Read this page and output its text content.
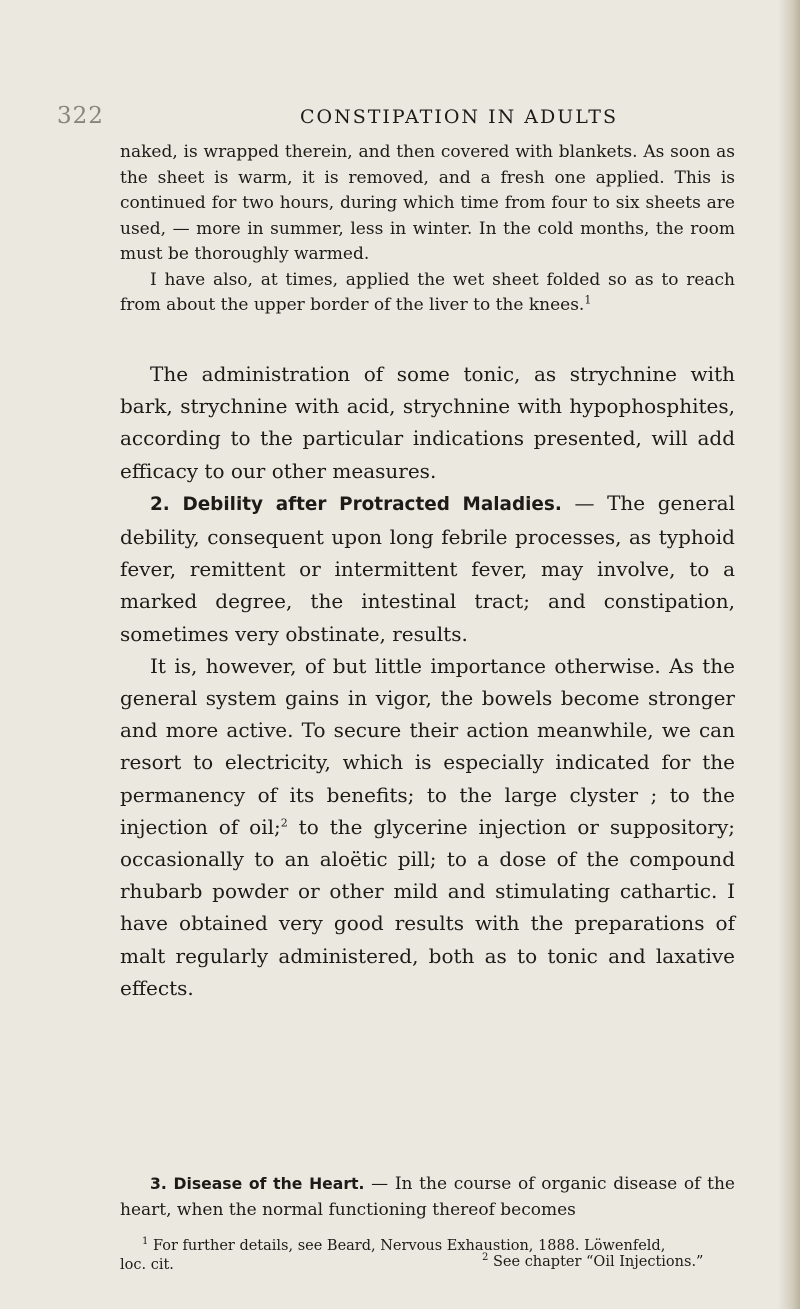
322	CONSTIPATION IN ADULTS

naked, is wrapped therein, and then covered with blankets. As soon as the sheet is warm, it is removed, and a fresh one applied. This is continued for two hours, during which time from four to six sheets are used, — more in summer, less in winter. In the cold months, the room must be thoroughly warmed.

I have also, at times, applied the wet sheet folded so as to reach from about the upper border of the liver to the knees.$^1$

The administration of some tonic, as strychnine with bark, strychnine with acid, strychnine with hypophosphites, according to the particular indications presented, will add efficacy to our other measures.

2. Debility after Protracted Maladies. — The general debility, consequent upon long febrile processes, as typhoid fever, remittent or intermittent fever, may involve, to a marked degree, the intestinal tract; and constipation, sometimes very obstinate, results.

It is, however, of but little importance otherwise. As the general system gains in vigor, the bowels become stronger and more active. To secure their action meanwhile, we can resort to electricity, which is especially indicated for the permanency of its benefits; to the large clyster ; to the injection of oil;$^2$ to the glycerine injection or suppository; occasionally to an aloëtic pill; to a dose of the compound rhubarb powder or other mild and stimulating cathartic. I have obtained very good results with the preparations of malt regularly administered, both as to tonic and laxative effects.

3. Disease of the Heart. — In the course of organic disease of the heart, when the normal functioning thereof becomes

$^1$ For further details, see Beard, Nervous Exhaustion, 1888. Löwenfeld,

loc. cit.	$^2$ See chapter “Oil Injections.”
